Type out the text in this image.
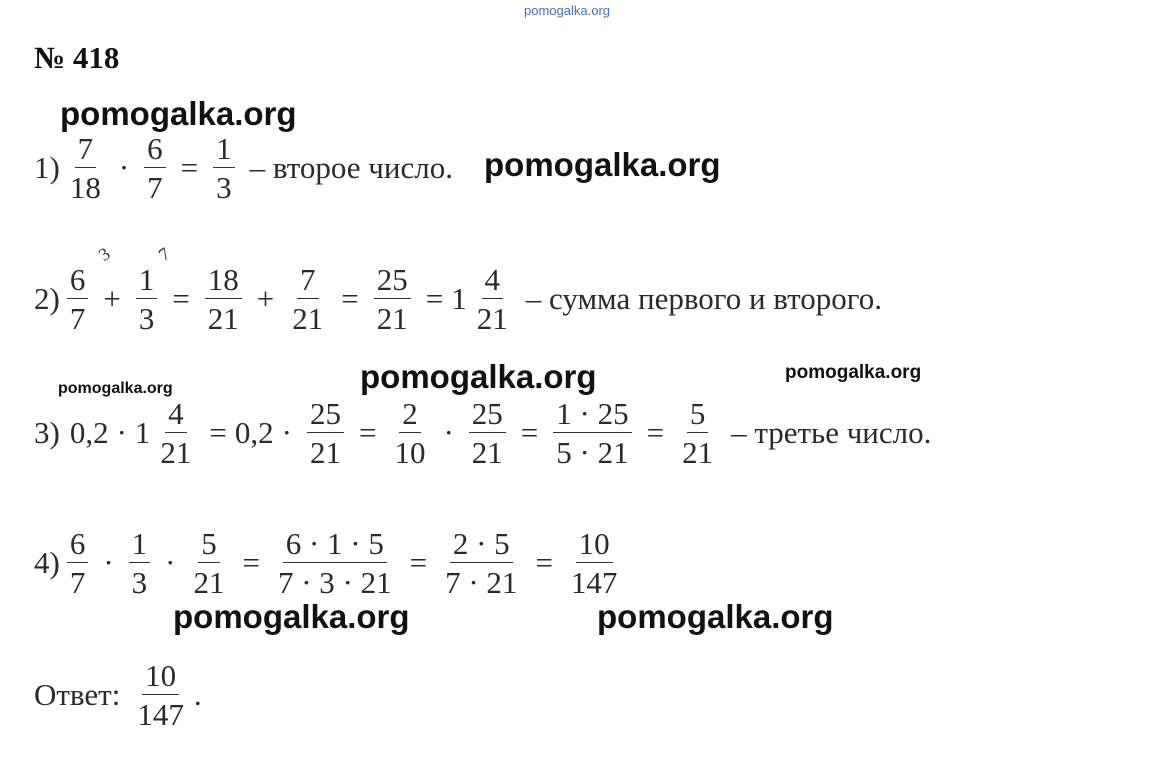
pomogalka.org
№ 418
pomogalka.org
pomogalka.org
pomogalka.org	pomogalka.org	pomogalka.org
pomogalka.org	pomogalka.org
$1) \frac{7}{18} \cdot \frac{6}{7} = \frac{1}{3}$ – второе число.
3 7
$2) \frac{6}{7} + \frac{1}{3} = \frac{18}{21} + \frac{7}{21} = \frac{25}{21} = 1 \frac{4}{21}$ – сумма первого и второго.
3) $0,2 \cdot 1 \frac{4}{21} = 0,2 \cdot \frac{25}{21} = \frac{2}{10} \cdot \frac{25}{21} = \frac{1 \cdot 25}{5 \cdot 21} = \frac{5}{21}$ – третье число.
$4) \frac{6}{7} \cdot \frac{1}{3} \cdot \frac{5}{21} = \frac{6 \cdot 1 \cdot 5}{7 \cdot 3 \cdot 21} = \frac{2 \cdot 5}{7 \cdot 21} = \frac{10}{147}$
Ответ: $\frac{10}{147}$ .
